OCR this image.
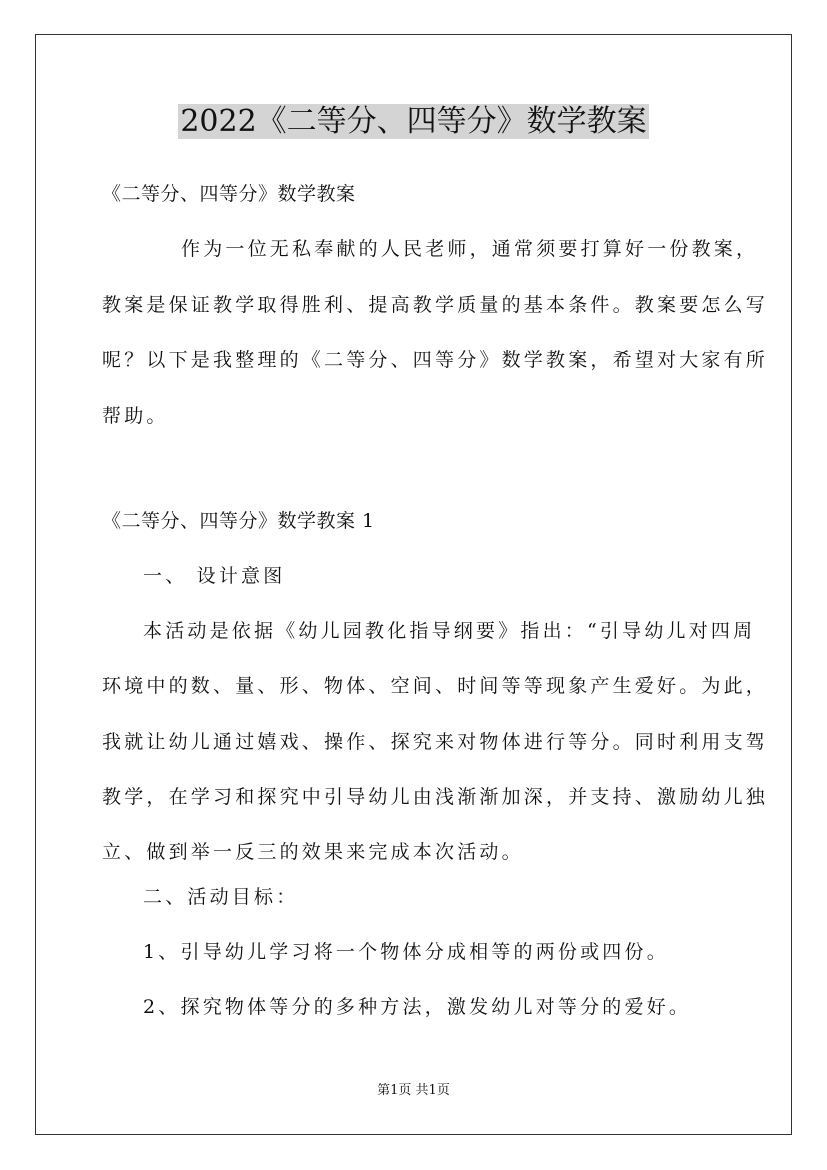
2022《二等分、四等分》数学教案
《二等分、四等分》数学教案
作为一位无私奉献的人民老师，通常须要打算好一份教案，
教案是保证教学取得胜利、提高教学质量的基本条件。教案要怎么写
呢？以下是我整理的《二等分、四等分》数学教案，希望对大家有所
帮助。
《二等分、四等分》数学教案 1
一、 设计意图
本活动是依据《幼儿园教化指导纲要》指出：“引导幼儿对四周
环境中的数、量、形、物体、空间、时间等等现象产生爱好。为此，
我就让幼儿通过嬉戏、操作、探究来对物体进行等分。同时利用支驾
教学，在学习和探究中引导幼儿由浅渐渐加深，并支持、激励幼儿独
立、做到举一反三的效果来完成本次活动。
二、活动目标：
1、引导幼儿学习将一个物体分成相等的两份或四份。
2、探究物体等分的多种方法，激发幼儿对等分的爱好。
第1页 共1页
